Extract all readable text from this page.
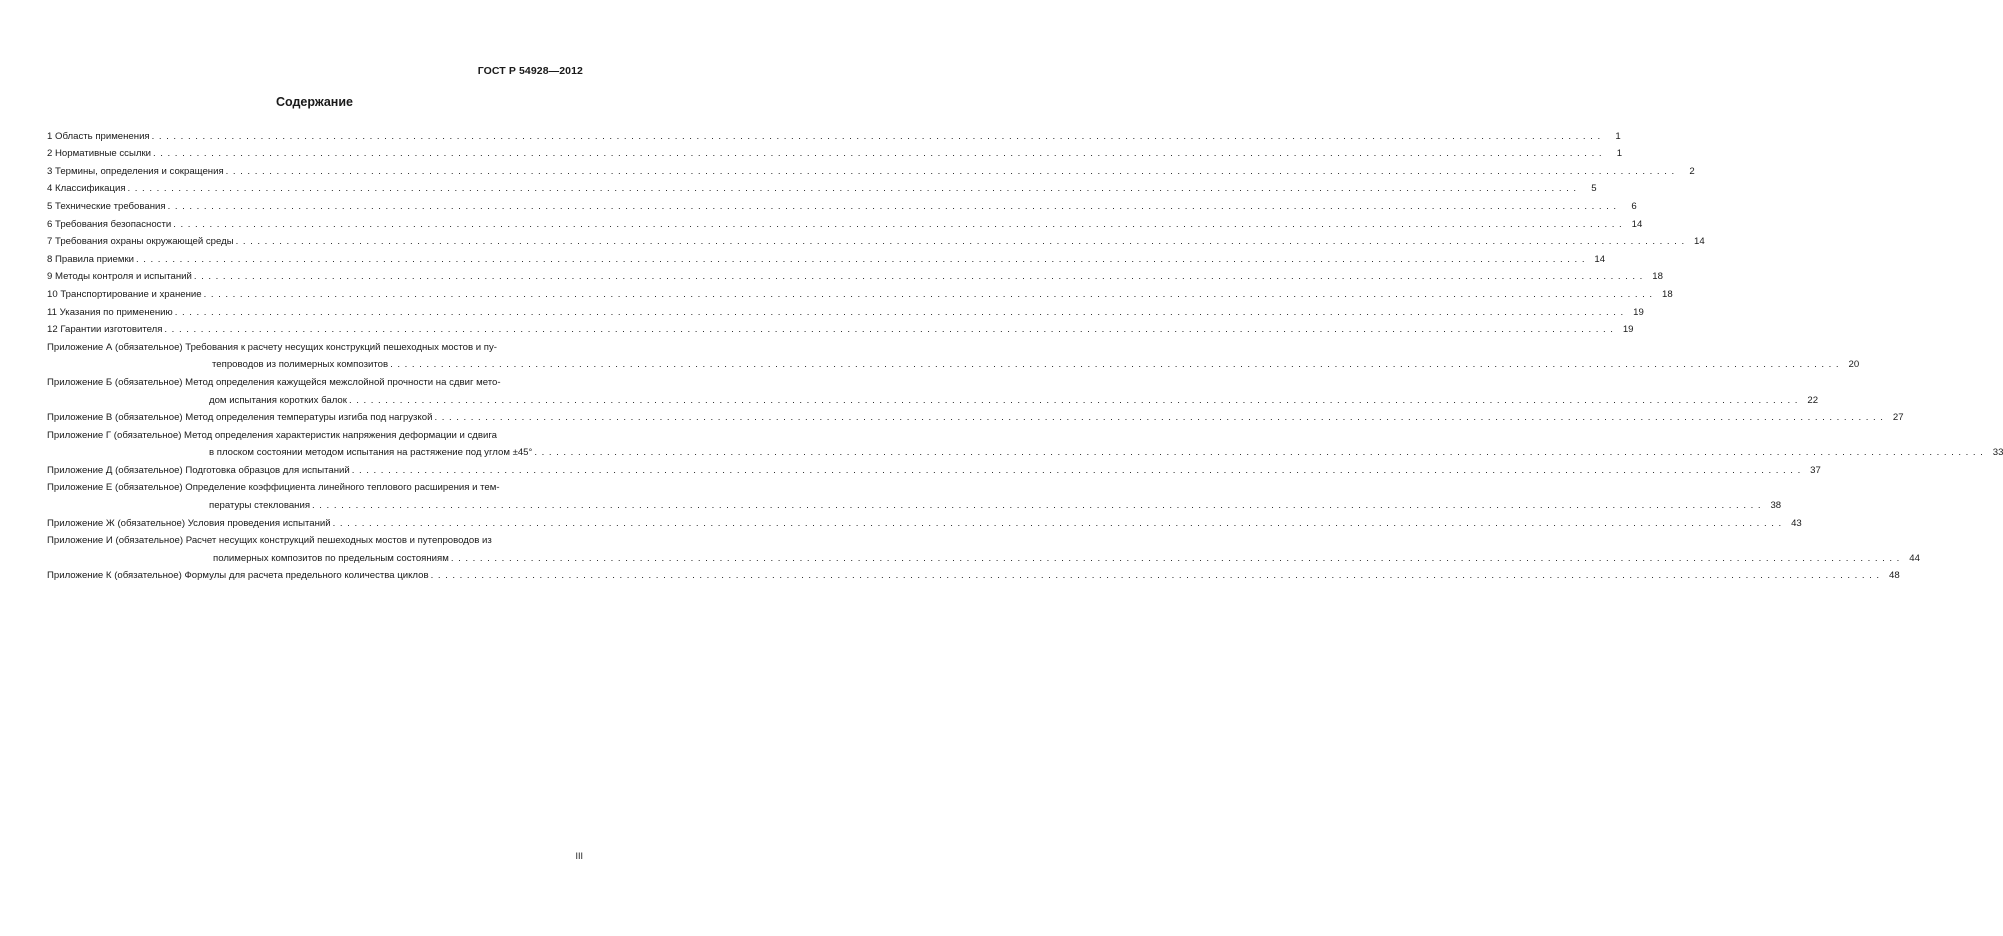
ГОСТ Р 54928—2012
Содержание
1 Область применения ........................................................................................................................................................................................................	1
2 Нормативные ссылки ........................................................................................................................................................................................................	1
3 Термины, определения и сокращения ........................................................................................................................................................................................................	2
4 Классификация ........................................................................................................................................................................................................	5
5 Технические требования ........................................................................................................................................................................................................	6
6 Требования безопасности ........................................................................................................................................................................................................ 14
7 Требования охраны окружающей среды ........................................................................................................................................................................................................ 14
8 Правила приемки ........................................................................................................................................................................................................ 14
9 Методы контроля и испытаний ........................................................................................................................................................................................................ 18
10 Транспортирование и хранение ........................................................................................................................................................................................................ 18
11 Указания по применению ........................................................................................................................................................................................................ 19
12 Гарантии изготовителя ........................................................................................................................................................................................................ 19
Приложение А (обязательное) Требования к расчету несущих конструкций пешеходных мостов и пу-
тепроводов из полимерных композитов ........................................................................................................................................................................................................ 20
Приложение Б (обязательное) Метод определения кажущейся межслойной прочности на сдвиг мето-
дом испытания коротких балок ........................................................................................................................................................................................................ 22
Приложение В (обязательное) Метод определения температуры изгиба под нагрузкой ........................................................................................................................................................................................................ 27
Приложение Г (обязательное) Метод определения характеристик напряжения деформации и сдвига
в плоском состоянии методом испытания на растяжение под углом ±45° ........................................................................................................................................................................................................ 33
Приложение Д (обязательное) Подготовка образцов для испытаний ........................................................................................................................................................................................................ 37
Приложение Е (обязательное) Определение коэффициента линейного теплового расширения и тем-
пературы стеклования ........................................................................................................................................................................................................ 38
Приложение Ж (обязательное) Условия проведения испытаний ........................................................................................................................................................................................................ 43
Приложение И (обязательное) Расчет несущих конструкций пешеходных мостов и путепроводов из
полимерных композитов по предельным состояниям ........................................................................................................................................................................................................ 44
Приложение К (обязательное) Формулы для расчета предельного количества циклов ........................................................................................................................................................................................................ 48
III
